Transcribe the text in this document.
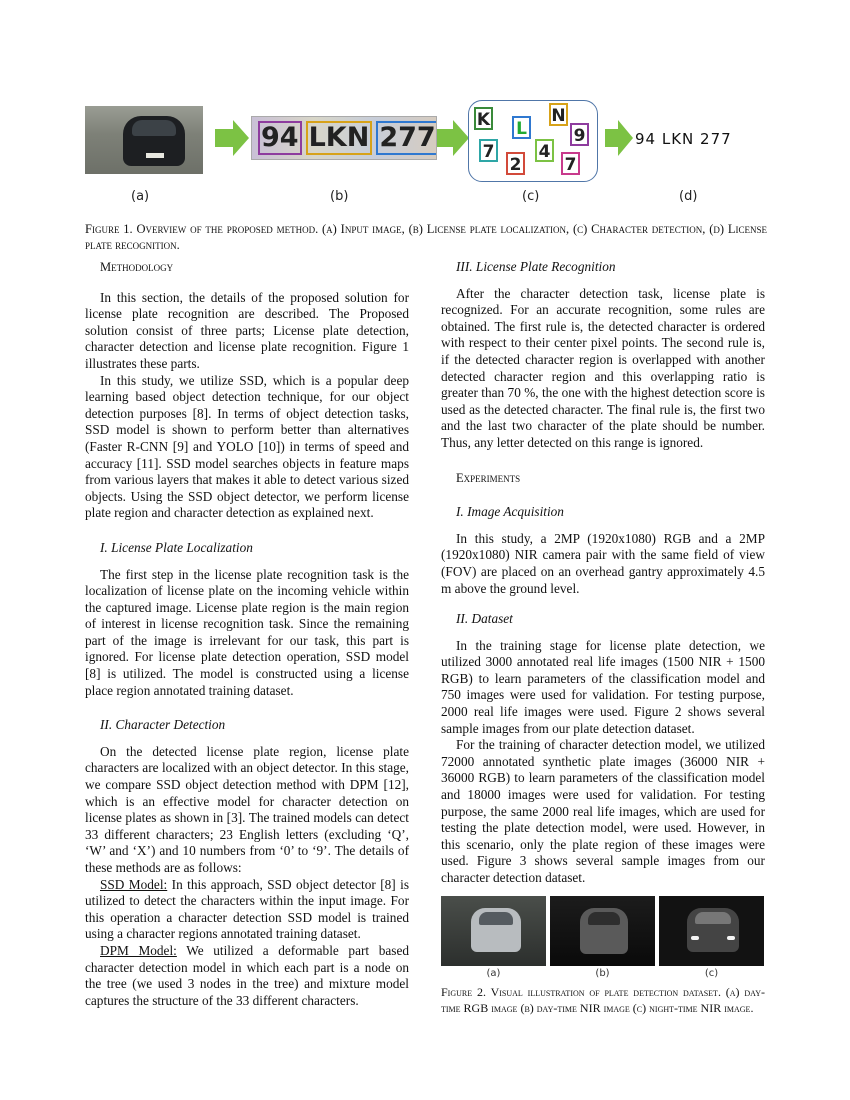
94 LKN 277
K L
N
9
7
2
4
7
94 LKN 277
(a)	(b)	(c)	(d)
Figure 1. Overview of the proposed method. (a) Input image, (b) License plate localization, (c) Character detection, (d) License plate recognition.

Methodology

In this section, the details of the proposed solution for license plate recognition are described. The Proposed solution consist of three parts; License plate detection, character detection and license plate recognition. Figure 1 illustrates these parts.

In this study, we utilize SSD, which is a popular deep learning based object detection technique, for our object detection purposes [8]. In terms of object detection tasks, SSD model is shown to perform better than alternatives (Faster R-CNN [9] and YOLO [10]) in terms of speed and accuracy [11]. SSD model searches objects in feature maps from various layers that makes it able to detect various sized objects. Using the SSD object detector, we perform license plate region and character detection as explained next.

I. License Plate Localization

The first step in the license plate recognition task is the localization of license plate on the incoming vehicle within the captured image. License plate region is the main region of interest in license recognition task. Since the remaining part of the image is irrelevant for our task, this part is ignored. For license plate detection operation, SSD model [8] is utilized. The model is constructed using a license place region annotated training dataset.

II. Character Detection

On the detected license plate region, license plate characters are localized with an object detector. In this stage, we compare SSD object detection method with DPM [12], which is an effective model for character detection on license plates as shown in [3]. The trained models can detect 33 different characters; 23 English letters (excluding ‘Q’, ‘W’ and ‘X’) and 10 numbers from ‘0’ to ‘9’. The details of these methods are as follows:

SSD Model: In this approach, SSD object detector [8] is utilized to detect the characters within the input image. For this operation a character detection SSD model is trained using a character regions annotated training dataset.

DPM Model: We utilized a deformable part based character detection model in which each part is a node on the tree (we used 3 nodes in the tree) and mixture model captures the structure of the 33 different characters.

III. License Plate Recognition

After the character detection task, license plate is recognized. For an accurate recognition, some rules are obtained. The first rule is, the detected character is ordered with respect to their center pixel points. The second rule is, if the detected character region is overlapped with another detected character region and this overlapping ratio is greater than 70 %, the one with the highest detection score is used as the detected character. The final rule is, the first two and the last two character of the plate should be number. Thus, any letter detected on this range is ignored.

Experiments

I. Image Acquisition

In this study, a 2MP (1920x1080) RGB and a 2MP (1920x1080) NIR camera pair with the same field of view (FOV) are placed on an overhead gantry approximately 4.5 m above the ground level.

II. Dataset

In the training stage for license plate detection, we utilized 3000 annotated real life images (1500 NIR + 1500 RGB) to learn parameters of the classification model and 750 images were used for validation. For testing purpose, 2000 real life images were used. Figure 2 shows several sample images from our plate detection dataset.

For the training of character detection model, we utilized 72000 annotated synthetic plate images (36000 NIR + 36000 RGB) to learn parameters of the classification model and 18000 images were used for validation. For testing purpose, the same 2000 real life images, which are used for testing the plate detection model, were used. However, in this scenario, only the plate region of these images were used. Figure 3 shows several sample images from our character detection dataset.

(a)	(b)	(c)
Figure 2. Visual illustration of plate detection dataset. (a) day-time RGB image (b) day-time NIR image (c) night-time NIR image.
